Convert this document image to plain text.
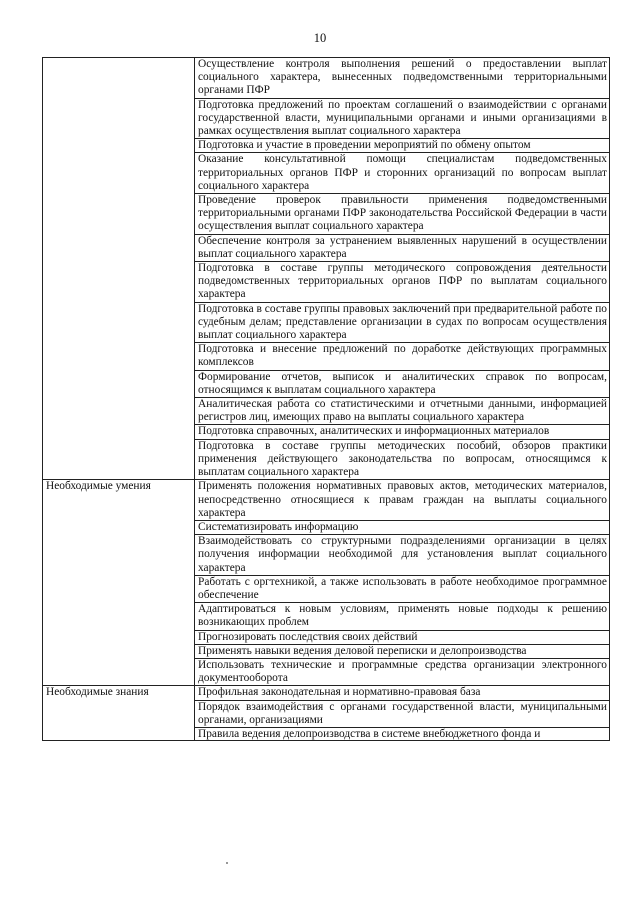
10
	Осуществление контроля выполнения решений о предоставлении выплат социального характера, вынесенных подведомственными территориальными органами ПФР
	Подготовка предложений по проектам соглашений о взаимодействии с органами государственной власти, муниципальными органами и иными организациями в рамках осуществления выплат социального характера
	Подготовка и участие в проведении мероприятий по обмену опытом
	Оказание консультативной помощи специалистам подведомственных территориальных органов ПФР и сторонних организаций по вопросам выплат социального характера
	Проведение проверок правильности применения подведомственными территориальными органами ПФР законодательства Российской Федерации в части осуществления выплат социального характера
	Обеспечение контроля за устранением выявленных нарушений в осуществлении выплат социального характера
	Подготовка в составе группы методического сопровождения деятельности подведомственных территориальных органов ПФР по выплатам социального характера
	Подготовка в составе группы правовых заключений при предварительной работе по судебным делам; представление организации в судах по вопросам осуществления выплат социального характера
	Подготовка и внесение предложений по доработке действующих программных комплексов
	Формирование отчетов, выписок и аналитических справок по вопросам, относящимся к выплатам социального характера
	Аналитическая работа со статистическими и отчетными данными, информацией регистров лиц, имеющих право на выплаты социального характера
	Подготовка справочных, аналитических и информационных материалов
	Подготовка в составе группы методических пособий, обзоров практики применения действующего законодательства по вопросам, относящимся к выплатам социального характера
Необходимые умения	Применять положения нормативных правовых актов, методических материалов, непосредственно относящиеся к правам граждан на выплаты социального характера
	Систематизировать информацию
	Взаимодействовать со структурными подразделениями организации в целях получения информации необходимой для установления выплат социального характера
	Работать с оргтехникой, а также использовать в работе необходимое программное обеспечение
	Адаптироваться к новым условиям, применять новые подходы к решению возникающих проблем
	Прогнозировать последствия своих действий
	Применять навыки ведения деловой переписки и делопроизводства
	Использовать технические и программные средства организации электронного документооборота
Необходимые знания	Профильная законодательная и нормативно-правовая база
	Порядок взаимодействия с органами государственной власти, муниципальными органами, организациями

	Правила ведения делопроизводства в системе внебюджетного фонда и
